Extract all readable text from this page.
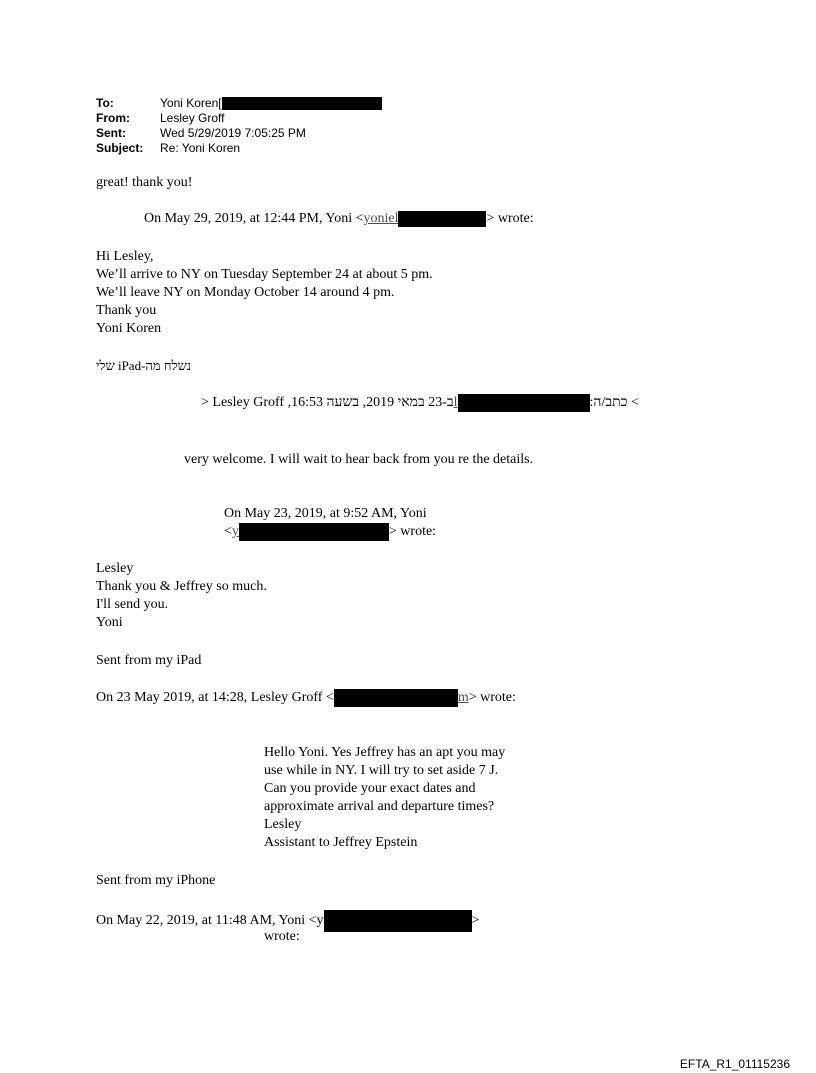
To:	Yoni Koren[
From:	Lesley Groff
Sent:	Wed 5/29/2019 7:05:25 PM
Subject: Re: Yoni Koren
great! thank you!
On May 29, 2019, at 12:44 PM, Yoni <yoniel	> wrote:
Hi Lesley,
We’ll arrive to NY on Tuesday September 24 at about 5 pm.
We’ll leave NY on Monday October 14 around 4 pm.
Thank you
Yoni Koren
נשלח מה-iPad שלי
ב-23 במאי 2019, בשעה 16:53, Lesley Groff <l	> כתב/ה:
very welcome. I will wait to hear back from you re the details.
On May 23, 2019, at 9:52 AM, Yoni
<y	> wrote:
Lesley
Thank you & Jeffrey so much.
I'll send you.
Yoni
Sent from my iPad
On 23 May 2019, at 14:28, Lesley Groff <	m> wrote:
Hello Yoni. Yes Jeffrey has an apt you may
use while in NY. I will try to set aside 7 J.
Can you provide your exact dates and
approximate arrival and departure times?
Lesley
Assistant to Jeffrey Epstein
Sent from my iPhone
On May 22, 2019, at 11:48 AM, Yoni <y	>
wrote:
EFTA_R1_01115236
